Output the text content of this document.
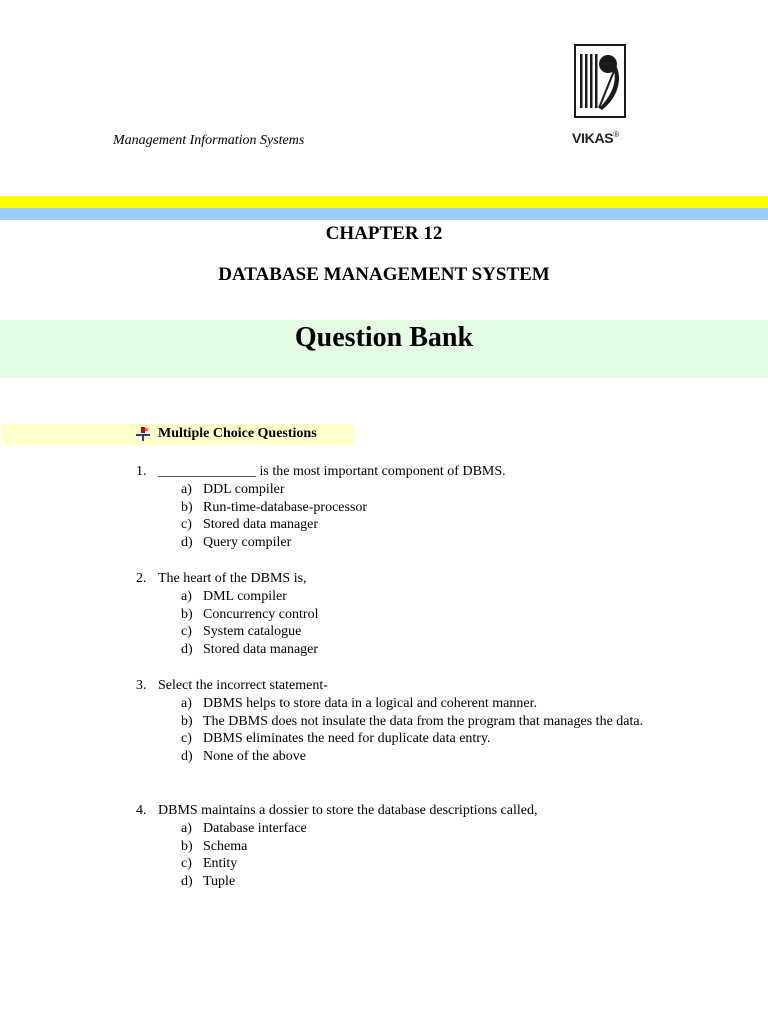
Management Information Systems	VIKAS®
CHAPTER 12
DATABASE MANAGEMENT SYSTEM
Question Bank
Multiple Choice Questions
1. ______________ is the most important component of DBMS.
a) DDL compiler
b) Run-time-database-processor
c) Stored data manager
d) Query compiler
2. The heart of the DBMS is,
a) DML compiler
b) Concurrency control
c) System catalogue
d) Stored data manager
3. Select the incorrect statement-
a) DBMS helps to store data in a logical and coherent manner.
b) The DBMS does not insulate the data from the program that manages the data.
c) DBMS eliminates the need for duplicate data entry.
d) None of the above
4. DBMS maintains a dossier to store the database descriptions called,
a) Database interface
b) Schema
c) Entity
d) Tuple
